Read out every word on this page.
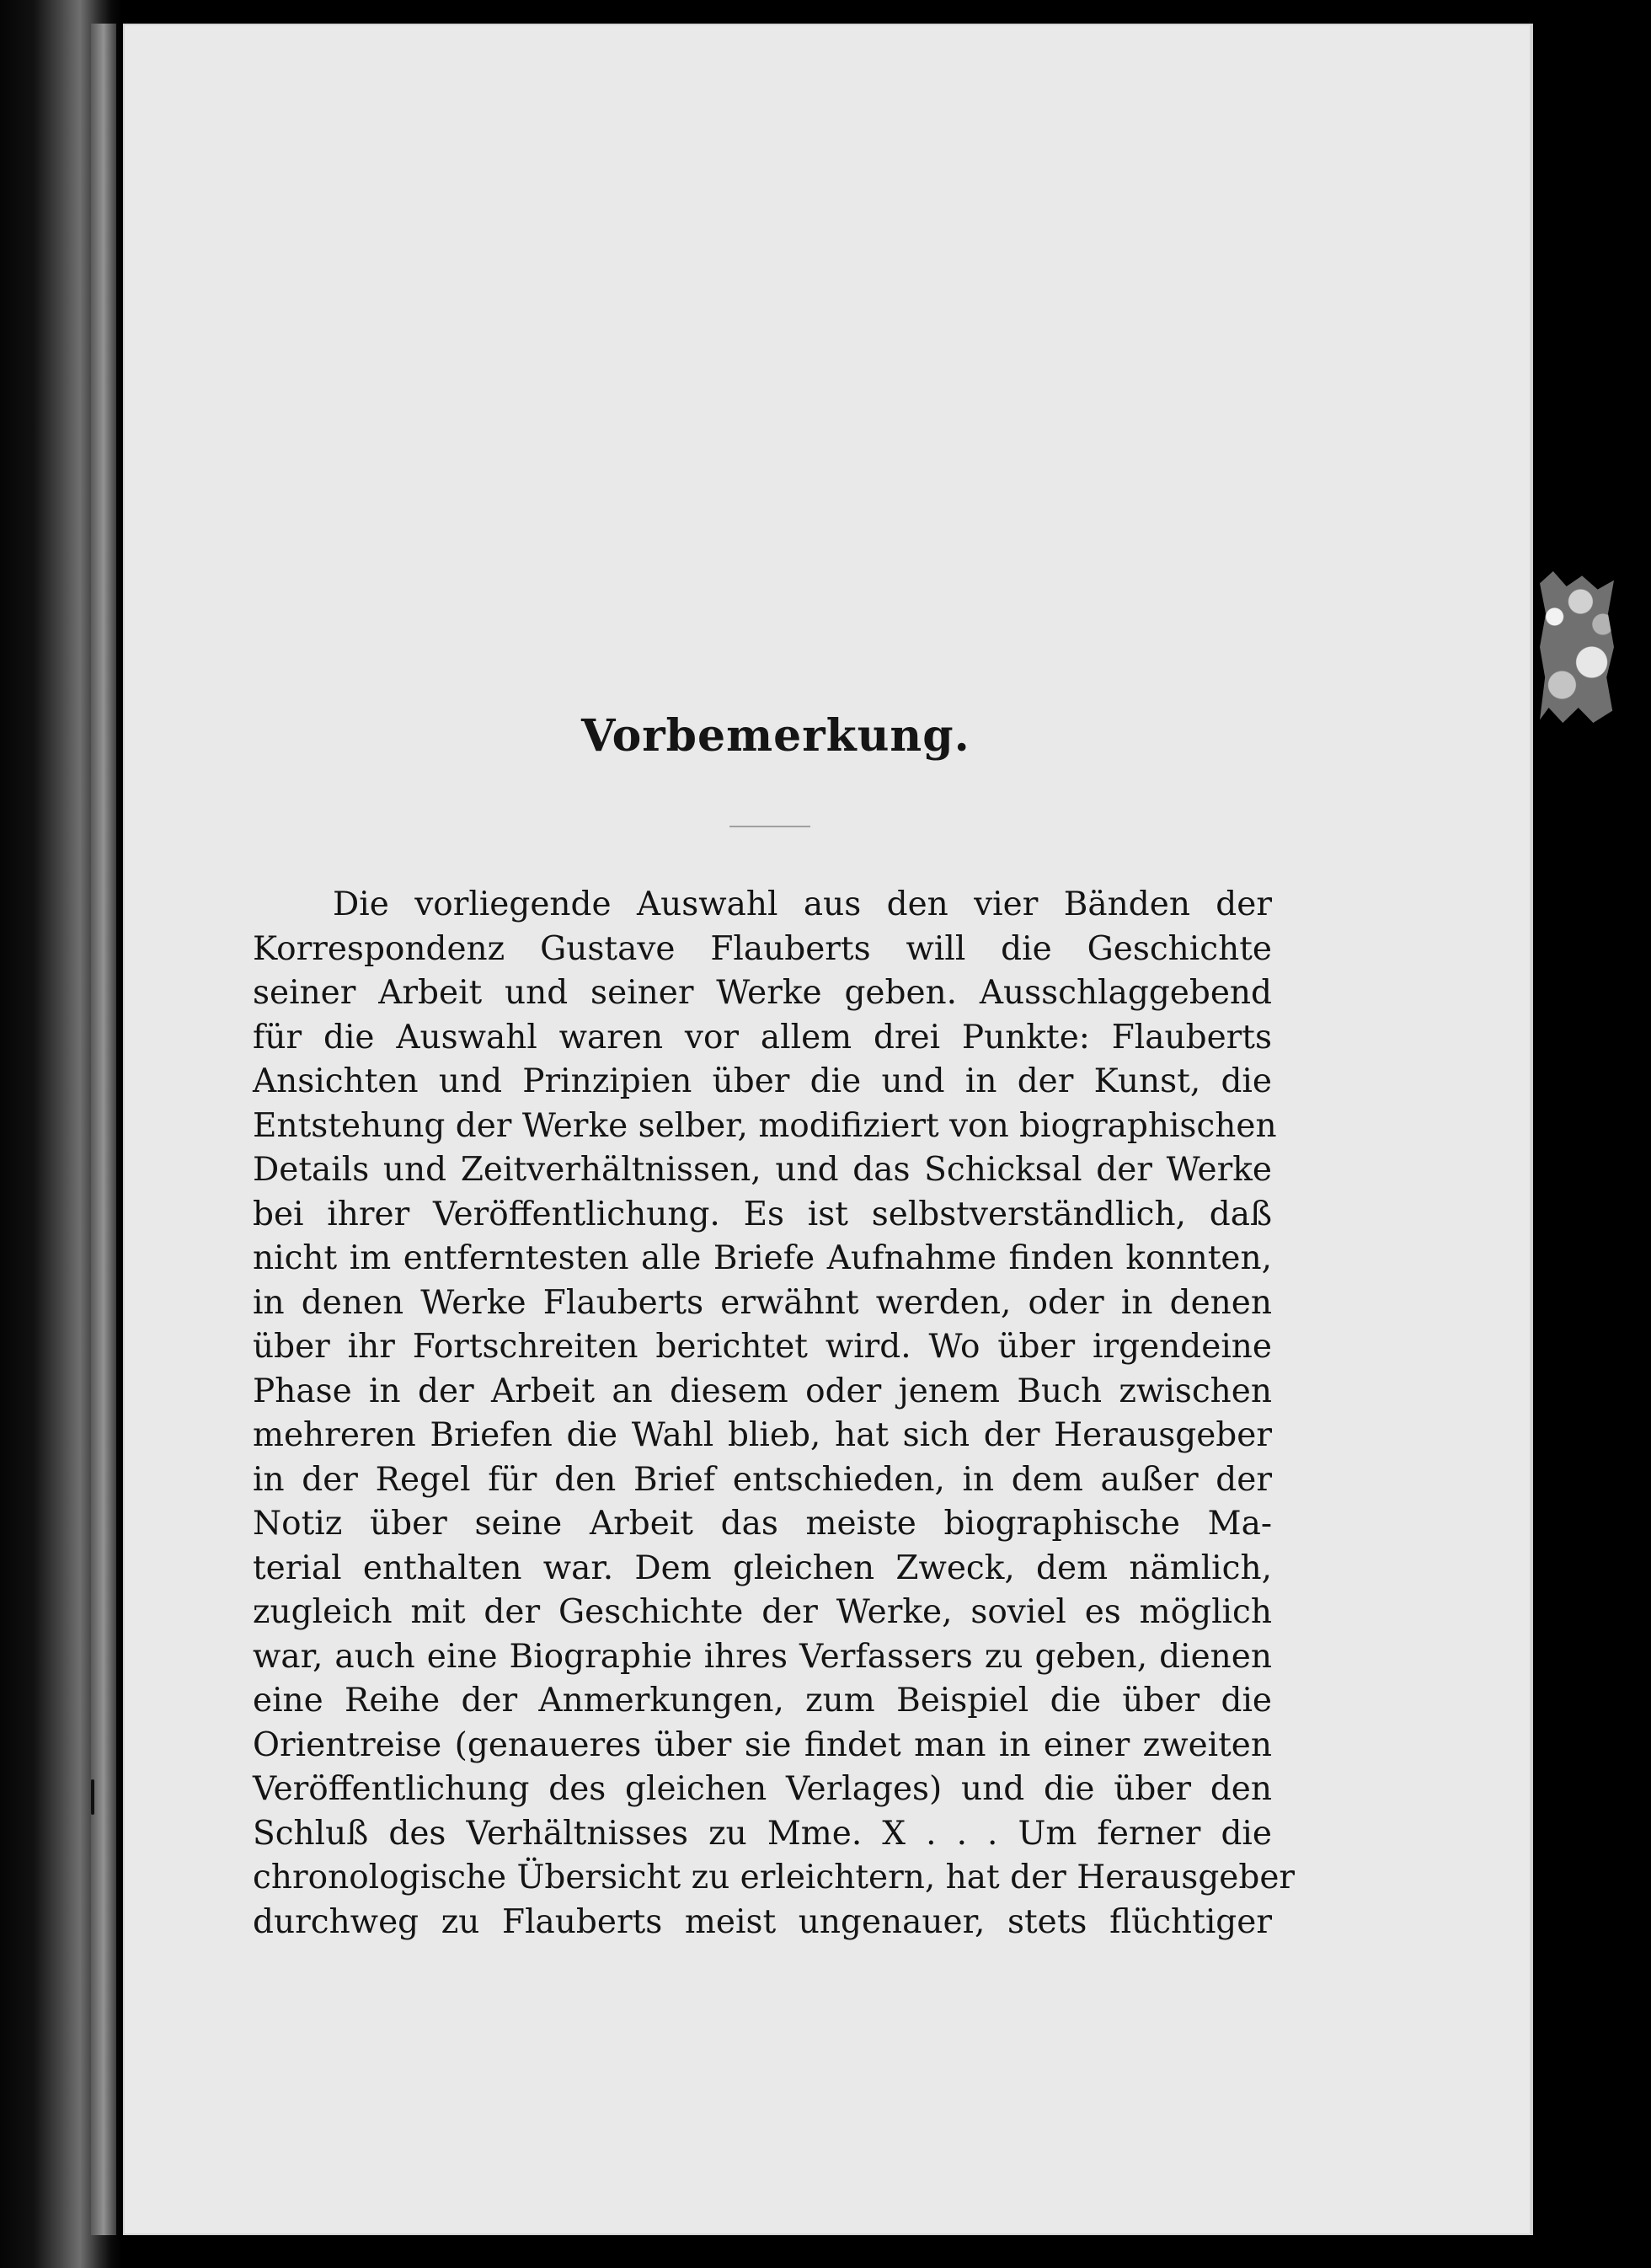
Vorbemerkung.
Die vorliegende Auswahl aus den vier Bänden der
Korrespondenz Gustave Flauberts will die Geschichte
seiner Arbeit und seiner Werke geben. Ausschlaggebend
für die Auswahl waren vor allem drei Punkte: Flauberts
Ansichten und Prinzipien über die und in der Kunst, die
Entstehung der Werke selber, modifiziert von biographischen
Details und Zeitverhältnissen, und das Schicksal der Werke
bei ihrer Veröffentlichung. Es ist selbstverständlich, daß
nicht im entferntesten alle Briefe Aufnahme finden konnten,
in denen Werke Flauberts erwähnt werden, oder in denen
über ihr Fortschreiten berichtet wird. Wo über irgendeine
Phase in der Arbeit an diesem oder jenem Buch zwischen
mehreren Briefen die Wahl blieb, hat sich der Herausgeber
in der Regel für den Brief entschieden, in dem außer der
Notiz über seine Arbeit das meiste biographische Ma-
terial enthalten war. Dem gleichen Zweck, dem nämlich,
zugleich mit der Geschichte der Werke, soviel es möglich
war, auch eine Biographie ihres Verfassers zu geben, dienen
eine Reihe der Anmerkungen, zum Beispiel die über die
Orientreise (genaueres über sie findet man in einer zweiten
Veröffentlichung des gleichen Verlages) und die über den
Schluß des Verhältnisses zu Mme. X . . . Um ferner die
chronologische Übersicht zu erleichtern, hat der Herausgeber
durchweg zu Flauberts meist ungenauer, stets flüchtiger
